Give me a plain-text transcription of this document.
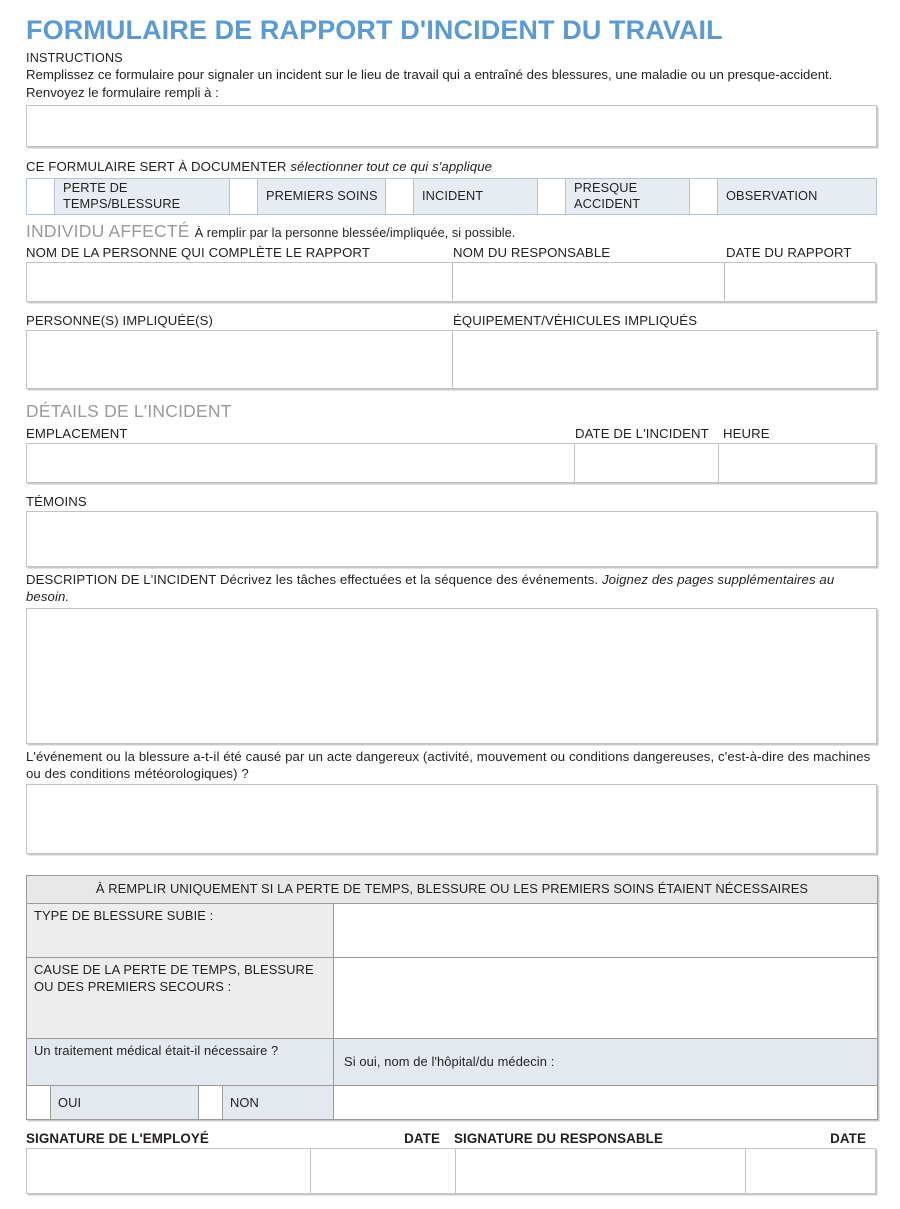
FORMULAIRE DE RAPPORT D'INCIDENT DU TRAVAIL
INSTRUCTIONS
Remplissez ce formulaire pour signaler un incident sur le lieu de travail qui a entraîné des blessures, une maladie ou un presque-accident. Renvoyez le formulaire rempli à :
CE FORMULAIRE SERT À DOCUMENTER sélectionner tout ce qui s'applique
PERTE DE TEMPS/BLESSURE
PREMIERS SOINS	INCIDENT
PRESQUE ACCIDENT
OBSERVATION
INDIVIDU AFFECTÉ À remplir par la personne blessée/impliquée, si possible.
NOM DE LA PERSONNE QUI COMPLÈTE LE RAPPORT	NOM DU RESPONSABLE	DATE DU RAPPORT
PERSONNE(S) IMPLIQUÉE(S)	ÉQUIPEMENT/VÉHICULES IMPLIQUÉS
DÉTAILS DE L'INCIDENT
EMPLACEMENT	DATE DE L'INCIDENT	HEURE
TÉMOINS
DESCRIPTION DE L'INCIDENT Décrivez les tâches effectuées et la séquence des événements. Joignez des pages supplémentaires au besoin.
L'événement ou la blessure a-t-il été causé par un acte dangereux (activité, mouvement ou conditions dangereuses, c'est-à-dire des machines ou des conditions météorologiques) ?
À REMPLIR UNIQUEMENT SI LA PERTE DE TEMPS, BLESSURE OU LES PREMIERS SOINS ÉTAIENT NÉCESSAIRES				
TYPE DE BLESSURE SUBIE :				
CAUSE DE LA PERTE DE TEMPS, BLESSURE OU DES PREMIERS SECOURS :				
Un traitement médical était-il nécessaire ?				Si oui, nom de l'hôpital/du médecin :
	OUI		NON	
SIGNATURE DE L'EMPLOYÉ	DATE	SIGNATURE DU RESPONSABLE	DATE
